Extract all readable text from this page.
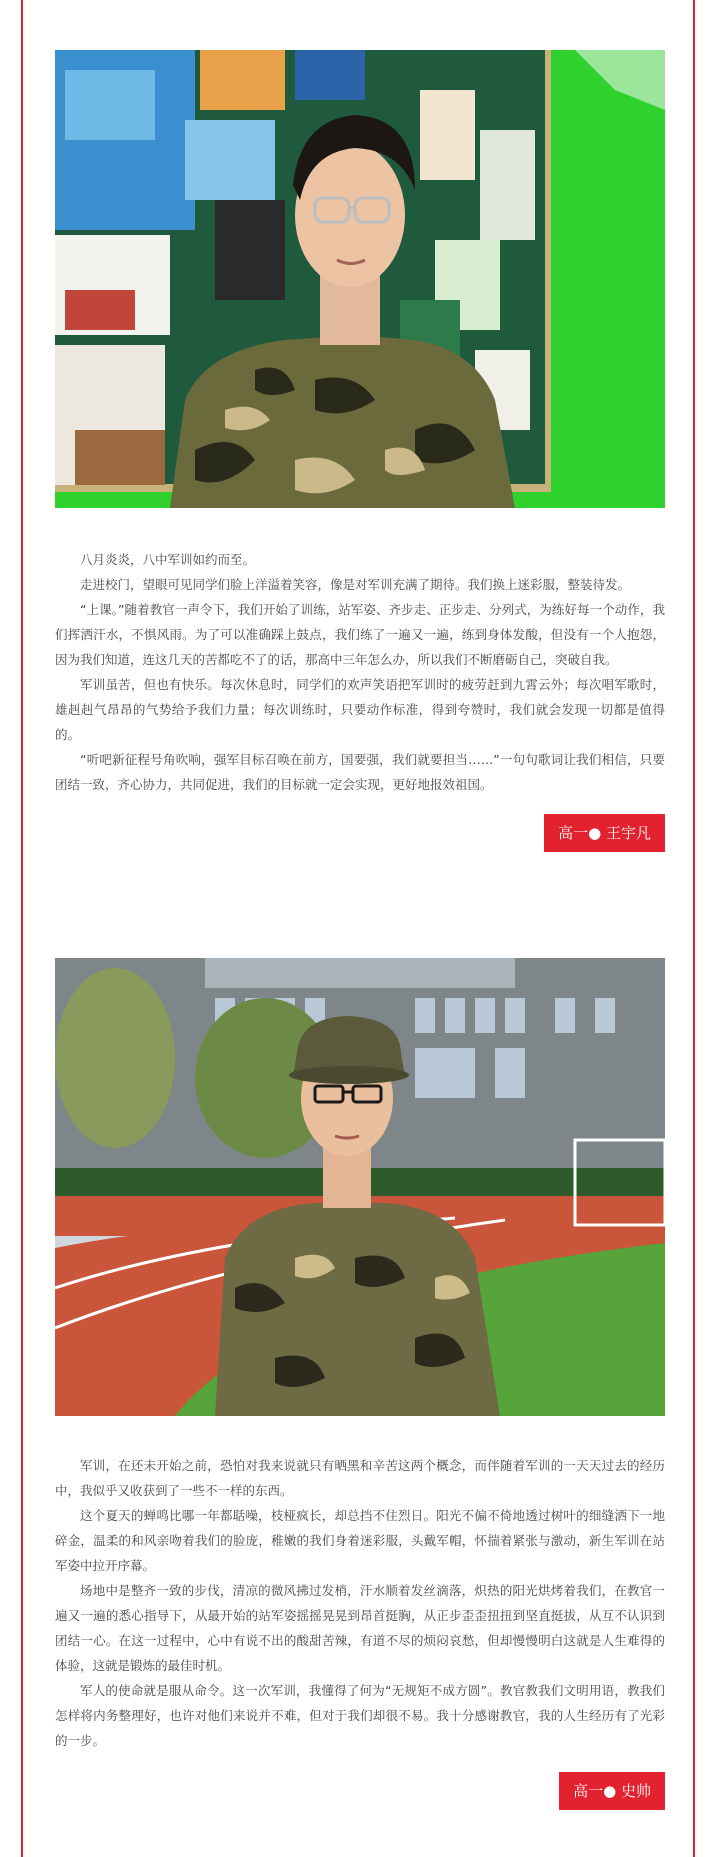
八月炎炎，八中军训如约而至。

走进校门，望眼可见同学们脸上洋溢着笑容，像是对军训充满了期待。我们换上迷彩服，整装待发。

“上课。”随着教官一声令下，我们开始了训练，站军姿、齐步走、正步走、分列式，为练好每一个动作，我们挥洒汗水，不惧风雨。为了可以准确踩上鼓点，我们练了一遍又一遍，练到身体发酸，但没有一个人抱怨，因为我们知道，连这几天的苦都吃不了的话，那高中三年怎么办，所以我们不断磨砺自己，突破自我。

军训虽苦，但也有快乐。每次休息时，同学们的欢声笑语把军训时的疲劳赶到九霄云外；每次唱军歌时，雄赳赳气昂昂的气势给予我们力量；每次训练时，只要动作标准，得到夸赞时，我们就会发现一切都是值得的。

“听吧新征程号角吹响，强军目标召唤在前方，国要强，我们就要担当……”一句句歌词让我们相信，只要团结一致，齐心协力，共同促进，我们的目标就一定会实现，更好地报效祖国。

高一● 王宇凡

军训，在还未开始之前，恐怕对我来说就只有晒黑和辛苦这两个概念，而伴随着军训的一天天过去的经历中，我似乎又收获到了一些不一样的东西。

这个夏天的蝉鸣比哪一年都聒噪，枝桠疯长，却总挡不住烈日。阳光不偏不倚地透过树叶的细缝洒下一地碎金，温柔的和风亲吻着我们的脸庞，稚嫩的我们身着迷彩服，头戴军帽，怀揣着紧张与激动，新生军训在站军姿中拉开序幕。

场地中是整齐一致的步伐，清凉的微风拂过发梢，汗水顺着发丝滴落，炽热的阳光烘烤着我们，在教官一遍又一遍的悉心指导下，从最开始的站军姿摇摇晃晃到昂首挺胸，从正步歪歪扭扭到坚直挺拔，从互不认识到团结一心。在这一过程中，心中有说不出的酸甜苦辣，有道不尽的烦闷哀愁，但却慢慢明白这就是人生难得的体验，这就是锻炼的最佳时机。

军人的使命就是服从命令。这一次军训，我懂得了何为“无规矩不成方圆”。教官教我们文明用语，教我们怎样将内务整理好，也许对他们来说并不难，但对于我们却很不易。我十分感谢教官，我的人生经历有了光彩的一步。

高一● 史帅
